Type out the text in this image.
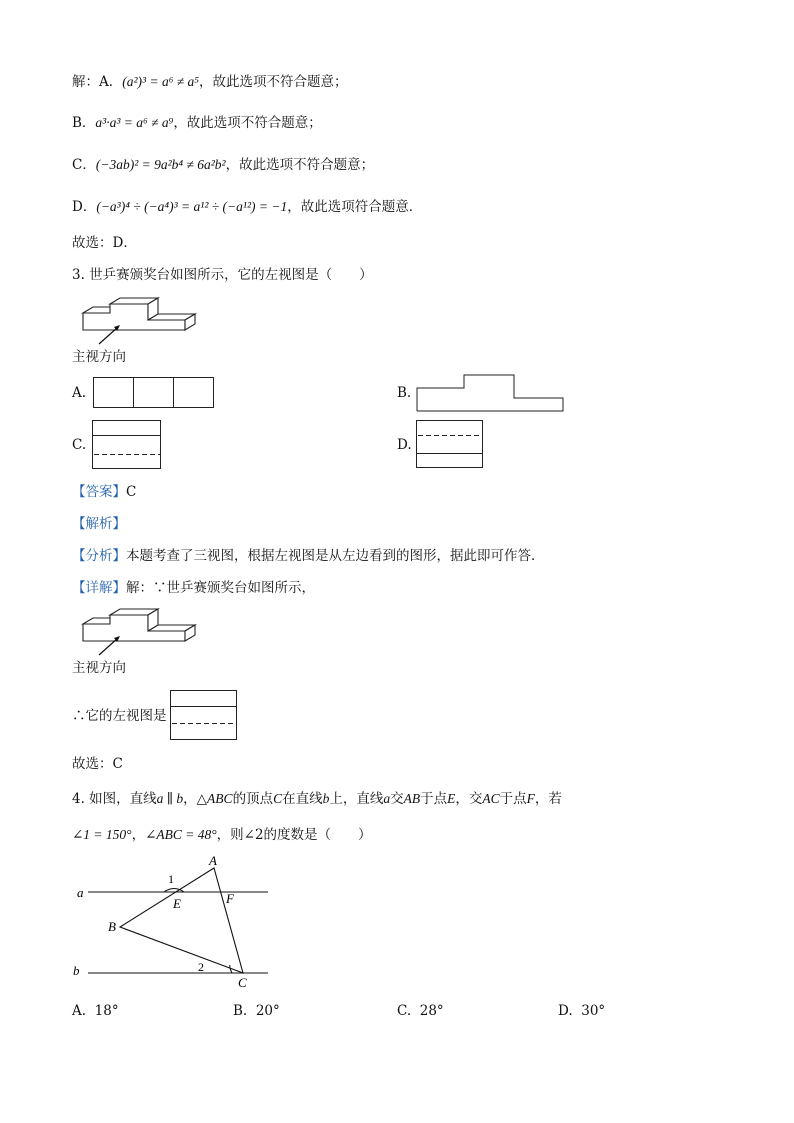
解：A．(a²)³ = a⁶ ≠ a⁵，故此选项不符合题意；
B．a³·a³ = a⁶ ≠ a⁹，故此选项不符合题意；
C．(−3ab)² = 9a²b⁴ ≠ 6a²b²，故此选项不符合题意；
D．(−a³)⁴ ÷ (−a⁴)³ = a¹² ÷ (−a¹²) = −1，故此选项符合题意．
故选：D．
3. 世乒赛颁奖台如图所示，它的左视图是（　　）
主视方向
A.	B.
C.	D.
【答案】C
【解析】
【分析】本题考查了三视图，根据左视图是从左边看到的图形，据此即可作答．
【详解】解：∵世乒赛颁奖台如图所示，
主视方向
∴它的左视图是
故选：C
4. 如图，直线a ∥ b，△ABC的顶点C在直线b上，直线a交AB于点E，交AC于点F，若
∠1 = 150°，∠ABC = 48°，则∠2的度数是（　　）
a
b
A
B
C
E	F
1
2
A. 18°	B. 20°	C. 28°	D. 30°
